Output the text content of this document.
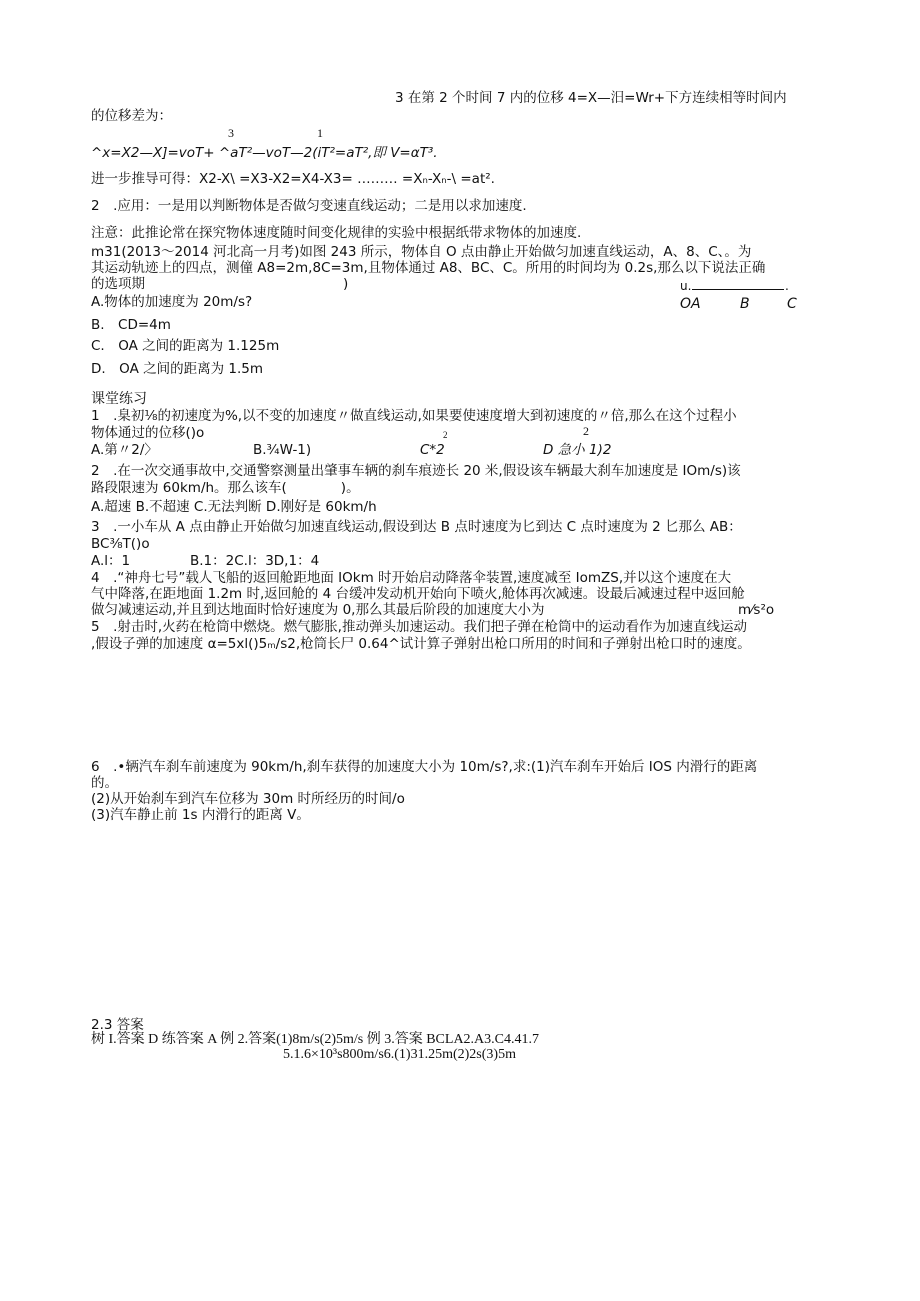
3 在第 2 个时间 7 内的位移 4=X—汨=Wr+下方连续相等时间内
的位移差为：
3	1
^x=X2—X]=voT+ ^aT²—voT—2(iT²=aT²,即 V=αT³.
进一步推导可得：X2-X\ =X3-X2=X4-X3= ……… =Xₙ-Xₙ-\ =at².
2　.应用：一是用以判断物体是否做匀变速直线运动；二是用以求加速度.
注意：此推论常在探究物体速度随时间变化规律的实验中根据纸带求物体的加速度.
m31(2013〜2014 河北高一月考)如图 243 所示，物体自 O 点由静止开始做匀加速直线运动，A、8、C、。为
其运动轨迹上的四点，测僮 A8=2m,8C=3m,且物体通过 A8、BC、C。所用的时间均为 0.2s,那么以下说法正确
的选项期	)	u.	.
OA	B	C
A.物体的加速度为 20m/s?
B.　CD=4m
C.　OA 之间的距离为 1.125m
D.　OA 之间的距离为 1.5m
课堂练习
1　.臬初⅛的初速度为%,以不变的加速度〃做直线运动,如果要使速度增大到初速度的〃倍,那么在这个过程小
物体通过的位移()o	2	2
A.第〃2/〉	B.¾W-1)	C*2	D 急小 1)2
2　.在一次交通事故中,交通警察测量出肇事车辆的刹车痕迹长 20 米,假设该车辆最大刹车加速度是 IOm/s)该
路段限速为 60km/h。那么该车(　　　　)。
A.超速 B.不超速 C.无法判断 D.刚好是 60km/h
3　.一小车从 A 点由静止开始做匀加速直线运动,假设到达 B 点时速度为匕到达 C 点时速度为 2 匕那么 AB：
BC⅜T()o
A.l：1	B.1：2C.l：3D,1：4
4　.“神舟七号”载人飞船的返回舱距地面 IOkm 时开始启动降落伞装置,速度减至 IomZS,并以这个速度在大
气中降落,在距地面 1.2m 时,返回舱的 4 台缓冲发动机开始向下喷火,舱体再次减速。设最后减速过程中返回舱
做匀减速运动,并且到达地面时恰好速度为 0,那么其最后阶段的加速度大小为	m⁄s²o
5　.射击时,火药在枪筒中燃烧。燃气膨胀,推动弹头加速运动。我们把子弹在枪筒中的运动看作为加速直线运动
,假设子弹的加速度 α=5xl()5ₘ/s2,枪筒长尸 0.64^试计算子弹射出枪口所用的时间和子弹射出枪口时的速度。
6　.•辆汽车刹车前速度为 90km/h,刹车获得的加速度大小为 10m/s?,求:(1)汽车刹车开始后 IOS 内滑行的距离
的。
(2)从开始刹车到汽车位移为 30m 时所经历的时间/o
(3)汽车静止前 1s 内滑行的距离 V。
2.3 答案
树 I.答案 D 练答案 A 例 2.答案(1)8m/s(2)5m/s 例 3.答案 BCLA2.A3.C4.41.7
5.1.6×10³s800m/s6.(1)31.25m(2)2s(3)5m
